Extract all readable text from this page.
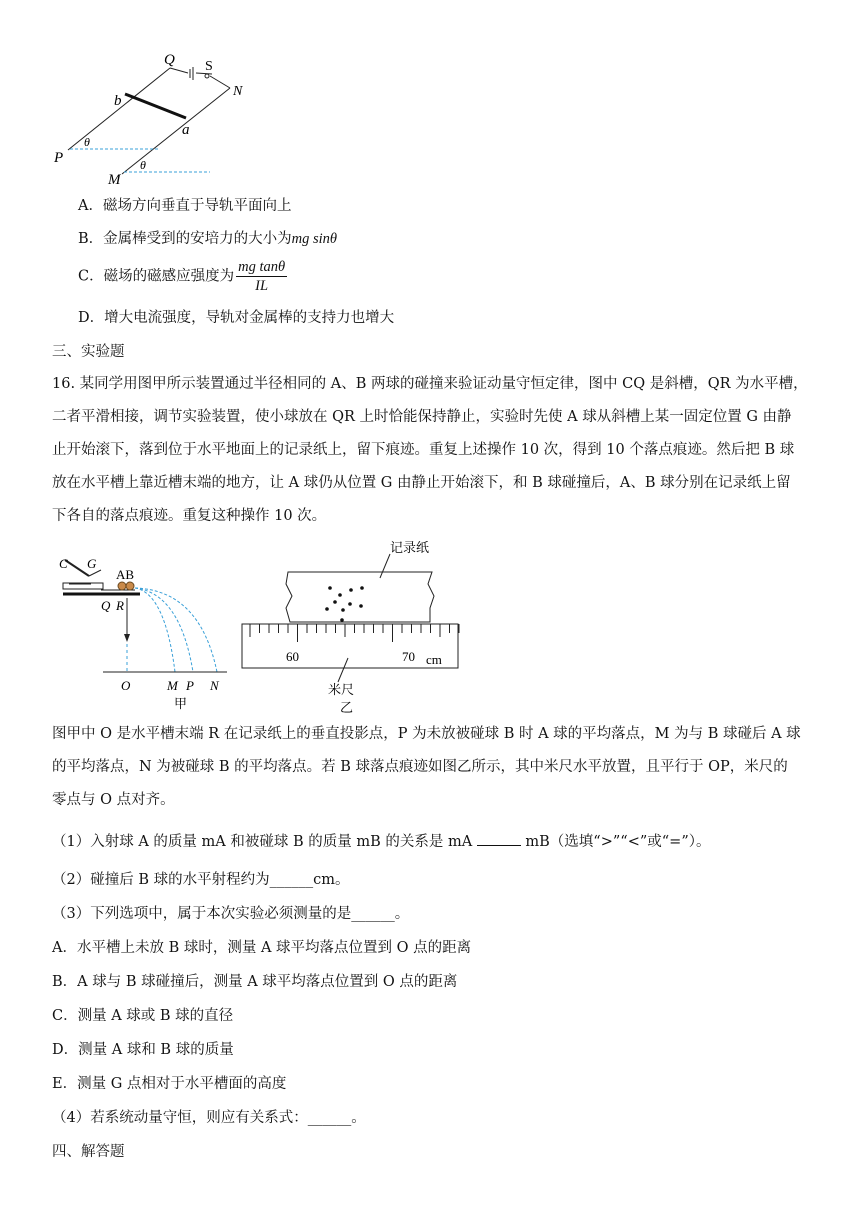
Q S
N
b
a
P
M
θ
θ
A．磁场方向垂直于导轨平面向上
B．金属棒受到的安培力的大小为mg sinθ
C．磁场的磁感应强度为 $\frac{\text{mg tanθ}}{IL}$
D．增大电流强度，导轨对金属棒的支持力也增大
三、实验题
16. 某同学用图甲所示装置通过半径相同的 A、B 两球的碰撞来验证动量守恒定律，图中 CQ 是斜槽，QR 为水平槽，
二者平滑相接，调节实验装置，使小球放在 QR 上时恰能保持静止，实验时先使 A 球从斜槽上某一固定位置 G 由静
止开始滚下，落到位于水平地面上的记录纸上，留下痕迹。重复上述操作 10 次，得到 10 个落点痕迹。然后把 B 球
放在水平槽上靠近槽末端的地方，让 A 球仍从位置 G 由静止开始滚下，和 B 球碰撞后，A、B 球分别在记录纸上留
下各自的落点痕迹。重复这种操作 10 次。
C G
AB
Q R
O	M P N
甲
记录纸
60	70 cm
米尺
乙
图甲中 O 是水平槽末端 R 在记录纸上的垂直投影点，P 为未放被碰球 B 时 A 球的平均落点，M 为与 B 球碰后 A 球
的平均落点，N 为被碰球 B 的平均落点。若 B 球落点痕迹如图乙所示，其中米尺水平放置，且平行于 OP，米尺的
零点与 O 点对齐。
（1）入射球 A 的质量 mA 和被碰球 B 的质量 mB 的关系是 mA	mB（选填“>”“<”或“=”）。
（2）碰撞后 B 球的水平射程约为______cm。
（3）下列选项中，属于本次实验必须测量的是______。
A．水平槽上未放 B 球时，测量 A 球平均落点位置到 O 点的距离
B．A 球与 B 球碰撞后，测量 A 球平均落点位置到 O 点的距离
C．测量 A 球或 B 球的直径
D．测量 A 球和 B 球的质量
E．测量 G 点相对于水平槽面的高度
（4）若系统动量守恒，则应有关系式：______。
四、解答题
